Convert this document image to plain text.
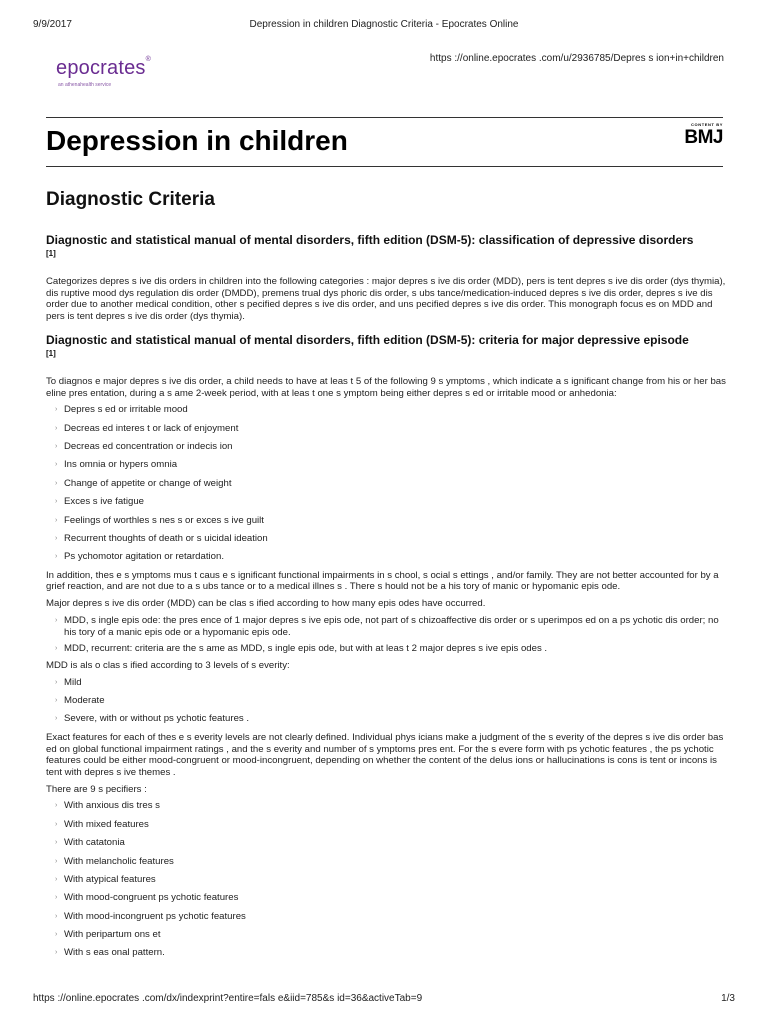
9/9/2017	Depression in children Diagnostic Criteria - Epocrates Online
epocrates®
an athenahealth service
https ://online.epocrates .com/u/2936785/Depres s ion+in+children
Depression in children
CONTENT BY
BMJ
Diagnostic Criteria
Diagnostic and statistical manual of mental disorders, fifth edition (DSM-5): classification of depressive disorders
[1]

Categorizes depres s ive dis orders in children into the following categories : major depres s ive dis order (MDD), pers is tent depres s ive dis order (dys thymia), dis ruptive mood dys regulation dis order (DMDD), premens trual dys phoric dis order, s ubs tance/medication-induced depres s ive dis order, depres s ive dis order due to another medical condition, other s pecified depres s ive dis order, and uns pecified depres s ive dis order. This monograph focus es on MDD and pers is tent depres s ive dis order (dys thymia).

Diagnostic and statistical manual of mental disorders, fifth edition (DSM-5): criteria for major depressive episode
[1]

To diagnos e major depres s ive dis order, a child needs to have at leas t 5 of the following 9 s ymptoms , which indicate a s ignificant change from his or her bas eline pres entation, during a s ame 2-week period, with at leas t one s ymptom being either depres s ed or irritable mood or anhedonia:

› Depres s ed or irritable mood
› Decreas ed interes t or lack of enjoyment
› Decreas ed concentration or indecis ion
› Ins omnia or hypers omnia
› Change of appetite or change of weight
› Exces s ive fatigue
› Feelings of worthles s nes s or exces s ive guilt
› Recurrent thoughts of death or s uicidal ideation
› Ps ychomotor agitation or retardation.

In addition, thes e s ymptoms mus t caus e s ignificant functional impairments in s chool, s ocial s ettings , and/or family. They are not better accounted for by a grief reaction, and are not due to a s ubs tance or to a medical illnes s . There s hould not be a his tory of manic or hypomanic epis ode.

Major depres s ive dis order (MDD) can be clas s ified according to how many epis odes have occurred.

› MDD, s ingle epis ode: the pres ence of 1 major depres s ive epis ode, not part of s chizoaffective dis order or s uperimpos ed on a ps ychotic dis order; no his tory of a manic epis ode or a hypomanic epis ode.
› MDD, recurrent: criteria are the s ame as MDD, s ingle epis ode, but with at leas t 2 major depres s ive epis odes .

MDD is als o clas s ified according to 3 levels of s everity:

› Mild
› Moderate
› Severe, with or without ps ychotic features .

Exact features for each of thes e s everity levels are not clearly defined. Individual phys icians make a judgment of the s everity of the depres s ive dis order bas ed on global functional impairment ratings , and the s everity and number of s ymptoms pres ent. For the s evere form with ps ychotic features , the ps ychotic features could be either mood-congruent or mood-incongruent, depending on whether the content of the delus ions or hallucinations is cons is tent or incons is tent with depres s ive themes .

There are 9 s pecifiers :

› With anxious dis tres s
› With mixed features
› With catatonia
› With melancholic features
› With atypical features
› With mood-congruent ps ychotic features
› With mood-incongruent ps ychotic features
› With peripartum ons et
› With s eas onal pattern.
https ://online.epocrates .com/dx/indexprint?entire=fals e&iid=785&s id=36&activeTab=9	1/3
